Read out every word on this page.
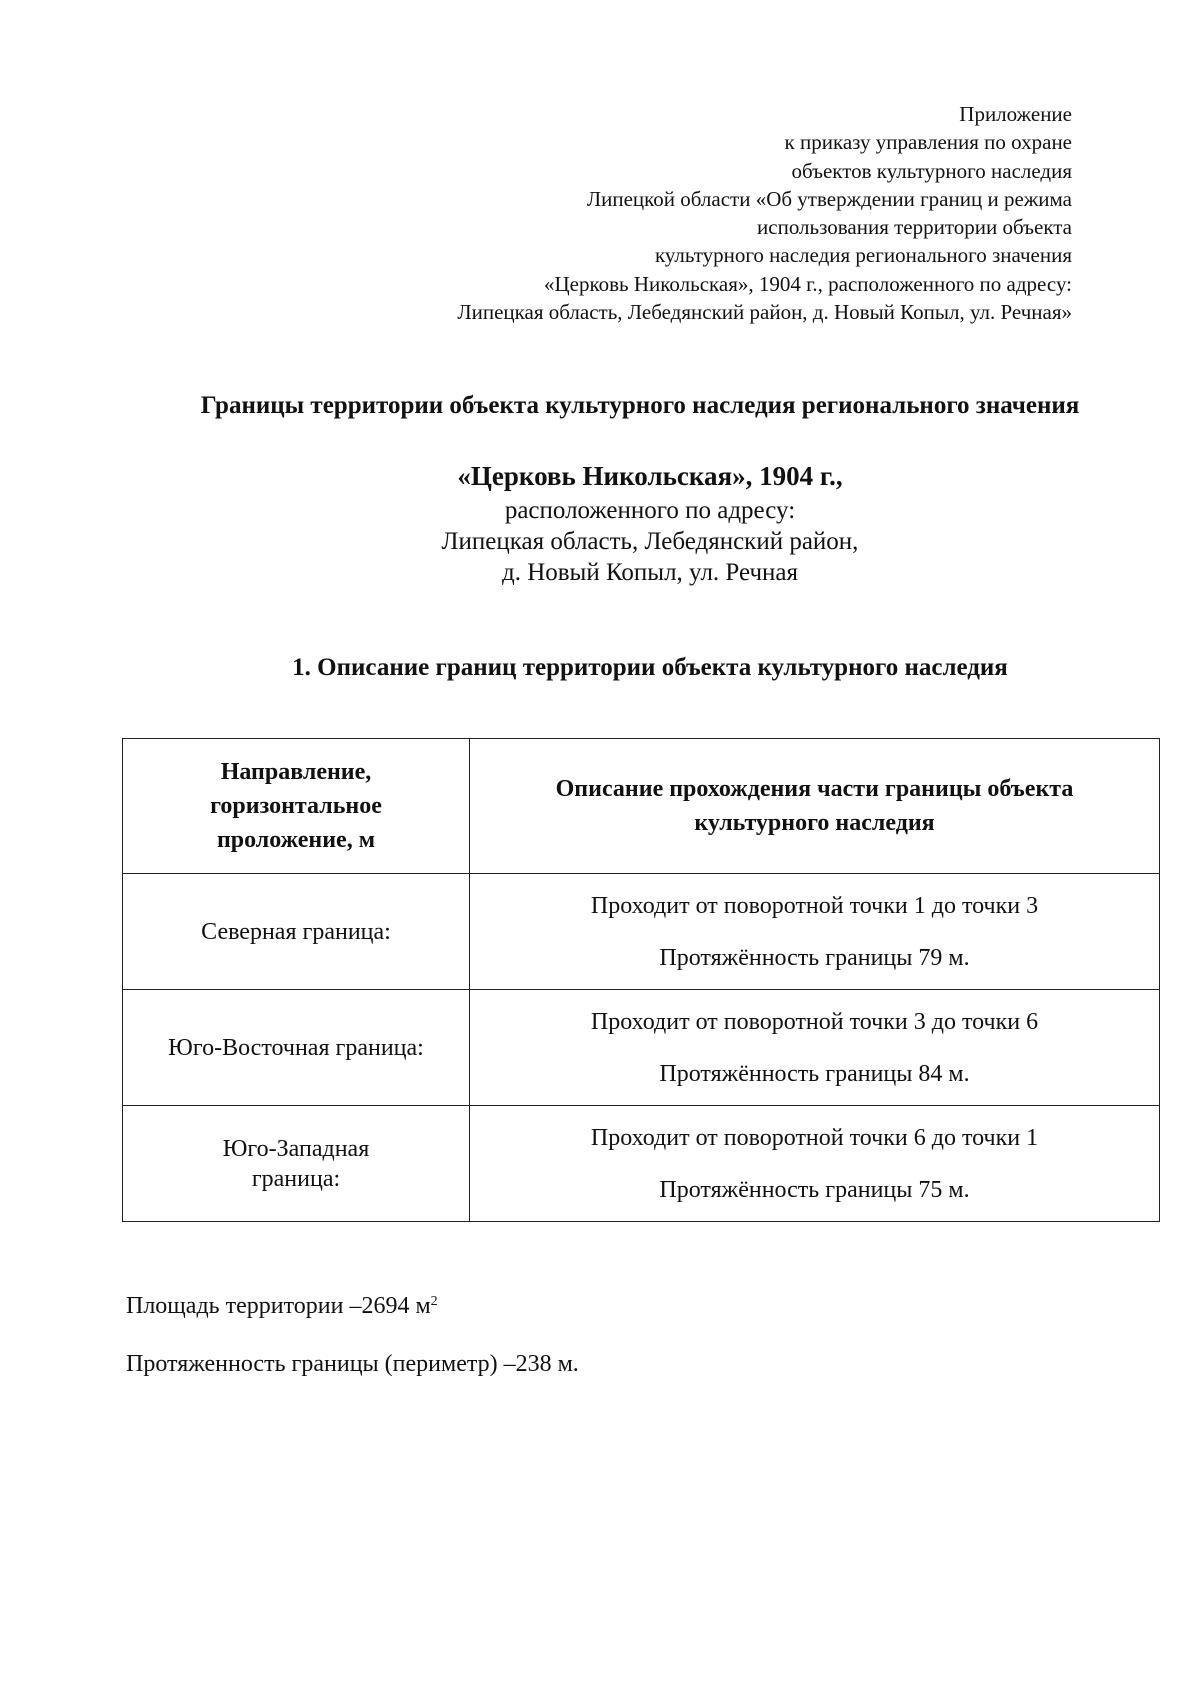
Приложение
к приказу управления по охране
объектов культурного наследия
Липецкой области «Об утверждении границ и режима
использования территории объекта
культурного наследия регионального значения
«Церковь Никольская», 1904 г., расположенного по адресу:
Липецкая область, Лебедянский район, д. Новый Копыл, ул. Речная»
Границы территории объекта культурного наследия регионального значения
«Церковь Никольская», 1904 г.,
расположенного по адресу:
Липецкая область, Лебедянский район,
д. Новый Копыл, ул. Речная
1. Описание границ территории объекта культурного наследия
Направление, горизонтальное проложение, м	Описание прохождения части границы объекта культурного наследия

Северная граница:	Проходит от поворотной точки 1 до точки 3
Протяжённость границы 79 м.

Юго-Восточная граница:	Проходит от поворотной точки 3 до точки 6
Протяжённость границы 84 м.

Юго-Западная граница:	Проходит от поворотной точки 6 до точки 1
Протяжённость границы 75 м.
Площадь территории –2694 $м^2$
Протяженность границы (периметр) –238 м.
